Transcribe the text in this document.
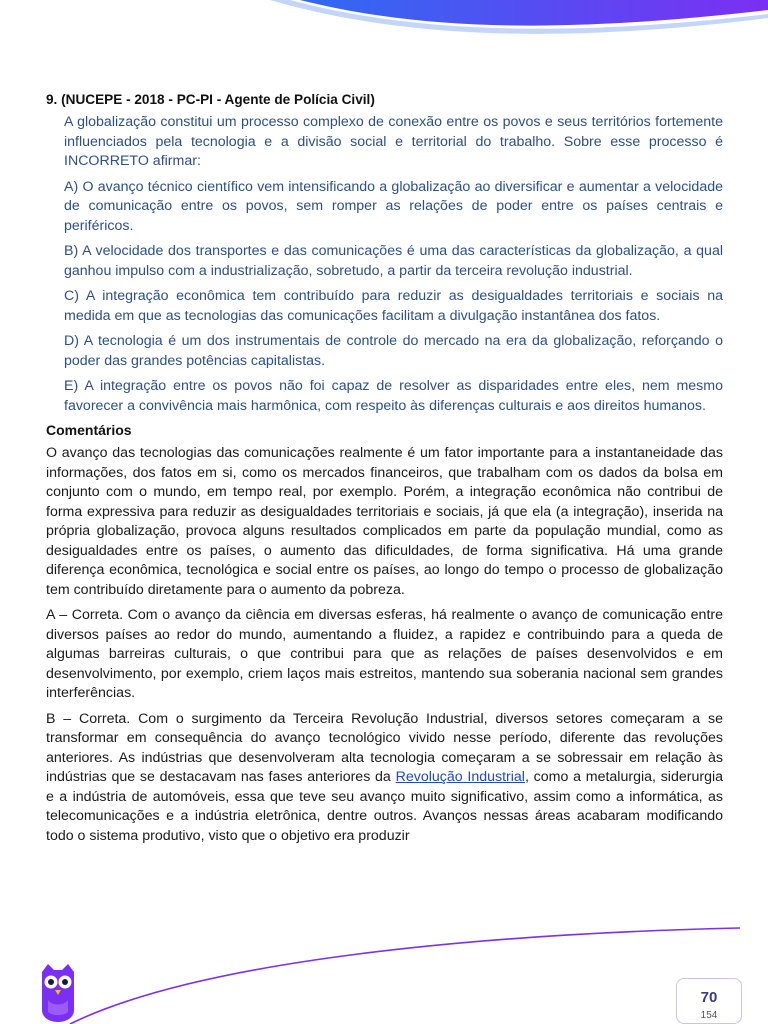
9. (NUCEPE - 2018 - PC-PI - Agente de Polícia Civil)

A globalização constitui um processo complexo de conexão entre os povos e seus territórios fortemente influenciados pela tecnologia e a divisão social e territorial do trabalho. Sobre esse processo é INCORRETO afirmar:

A) O avanço técnico científico vem intensificando a globalização ao diversificar e aumentar a velocidade de comunicação entre os povos, sem romper as relações de poder entre os países centrais e periféricos.

B) A velocidade dos transportes e das comunicações é uma das características da globalização, a qual ganhou impulso com a industrialização, sobretudo, a partir da terceira revolução industrial.

C) A integração econômica tem contribuído para reduzir as desigualdades territoriais e sociais na medida em que as tecnologias das comunicações facilitam a divulgação instantânea dos fatos.

D) A tecnologia é um dos instrumentais de controle do mercado na era da globalização, reforçando o poder das grandes potências capitalistas.

E) A integração entre os povos não foi capaz de resolver as disparidades entre eles, nem mesmo favorecer a convivência mais harmônica, com respeito às diferenças culturais e aos direitos humanos.

Comentários

O avanço das tecnologias das comunicações realmente é um fator importante para a instantaneidade das informações, dos fatos em si, como os mercados financeiros, que trabalham com os dados da bolsa em conjunto com o mundo, em tempo real, por exemplo. Porém, a integração econômica não contribui de forma expressiva para reduzir as desigualdades territoriais e sociais, já que ela (a integração), inserida na própria globalização, provoca alguns resultados complicados em parte da população mundial, como as desigualdades entre os países, o aumento das dificuldades, de forma significativa. Há uma grande diferença econômica, tecnológica e social entre os países, ao longo do tempo o processo de globalização tem contribuído diretamente para o aumento da pobreza.

A – Correta. Com o avanço da ciência em diversas esferas, há realmente o avanço de comunicação entre diversos países ao redor do mundo, aumentando a fluidez, a rapidez e contribuindo para a queda de algumas barreiras culturais, o que contribui para que as relações de países desenvolvidos e em desenvolvimento, por exemplo, criem laços mais estreitos, mantendo sua soberania nacional sem grandes interferências.

B – Correta. Com o surgimento da Terceira Revolução Industrial, diversos setores começaram a se transformar em consequência do avanço tecnológico vivido nesse período, diferente das revoluções anteriores. As indústrias que desenvolveram alta tecnologia começaram a se sobressair em relação às indústrias que se destacavam nas fases anteriores da Revolução Industrial, como a metalurgia, siderurgia e a indústria de automóveis, essa que teve seu avanço muito significativo, assim como a informática, as telecomunicações e a indústria eletrônica, dentre outros. Avanços nessas áreas acabaram modificando todo o sistema produtivo, visto que o objetivo era produzir

70
154
